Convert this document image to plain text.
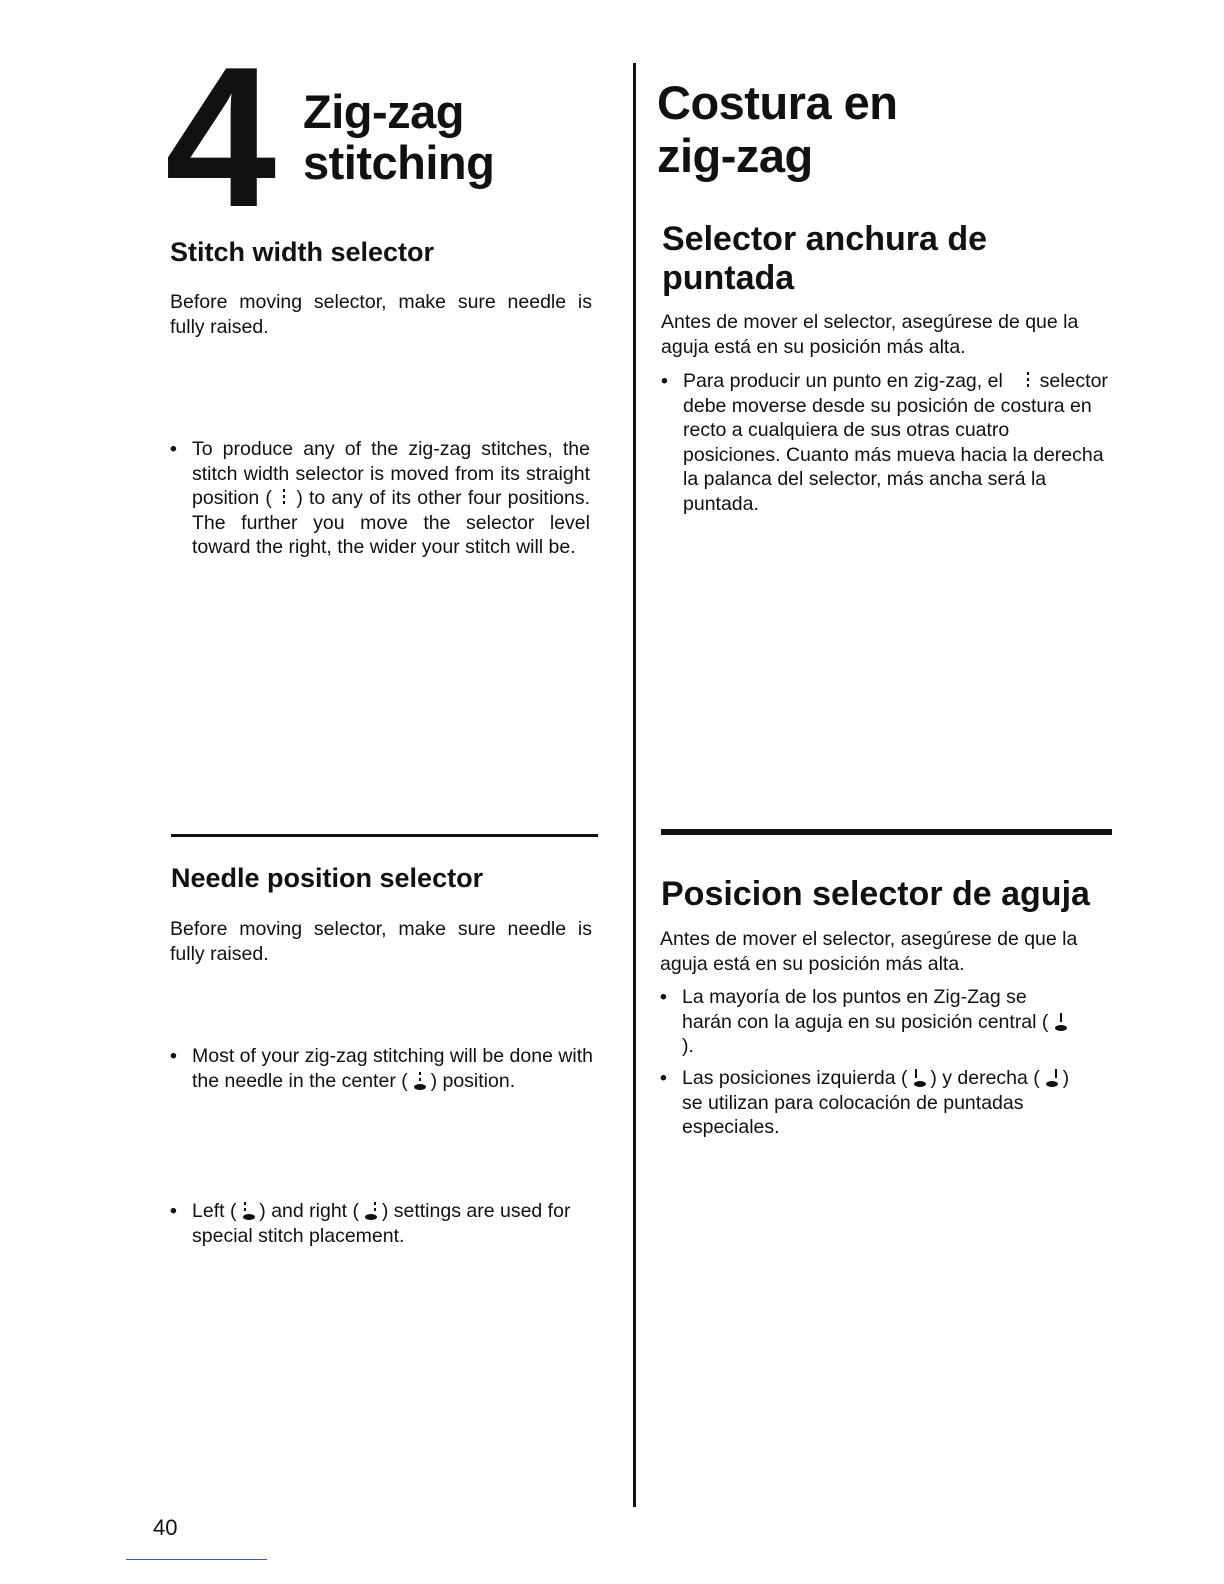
4 Zig-zag
stitching
Costura en
zig-zag
Stitch width selector
Before moving selector, make sure needle is fully raised.
• To produce any of the zig-zag stitches, the stitch width selector is moved from its straight position ( ) to any of its other four positions. The further you move the selector level toward the right, the wider your stitch will be.
Needle position selector
Before moving selector, make sure needle is fully raised.
• Most of your zig-zag stitching will be done with the needle in the center ( ) position.
• Left ( ) and right ( ) settings are used for special stitch placement.
Selector anchura de puntada
Antes de mover el selector, asegúrese de que la aguja está en su posición más alta.
• Para producir un punto en zig-zag, el selector debe moverse desde su posición de costura en recto a cualquiera de sus otras cuatro posiciones. Cuanto más mueva hacia la derecha la palanca del selector, más ancha será la puntada.
Posicion selector de aguja
Antes de mover el selector, asegúrese de que la aguja está en su posición más alta.
• La mayoría de los puntos en Zig-Zag se harán con la aguja en su posición central (
).
• Las posiciones izquierda ( ) y derecha ( ) se utilizan para colocación de puntadas especiales.
40
